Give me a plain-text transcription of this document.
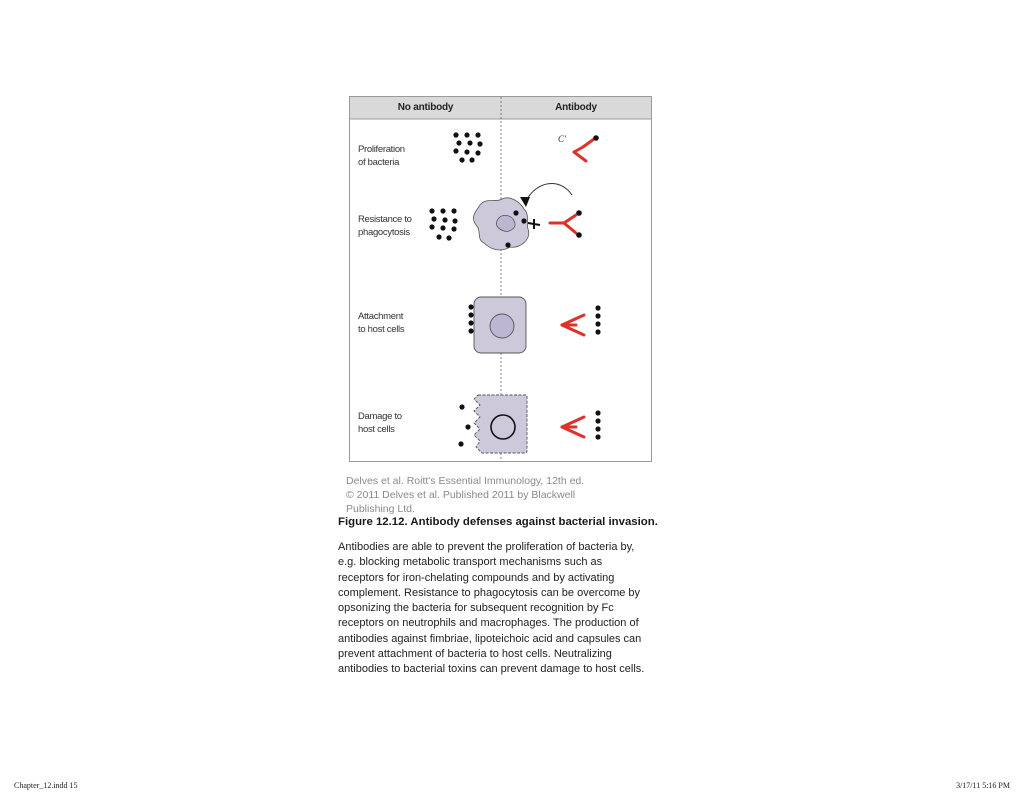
No antibody	Antibody
Proliferation
of bacteria
Resistance to
phagocytosis
Attachment
to host cells
Damage to
host cells
C′
Delves et al. Roitt's Essential Immunology, 12th ed.
© 2011 Delves et al. Published 2011 by Blackwell
Publishing Ltd.
Figure 12.12. Antibody defenses against bacterial invasion.
Antibodies are able to prevent the proliferation of bacteria by,
e.g. blocking metabolic transport mechanisms such as
receptors for iron-chelating compounds and by activating
complement. Resistance to phagocytosis can be overcome by
opsonizing the bacteria for subsequent recognition by Fc
receptors on neutrophils and macrophages. The production of
antibodies against fimbriae, lipoteichoic acid and capsules can
prevent attachment of bacteria to host cells. Neutralizing
antibodies to bacterial toxins can prevent damage to host cells.
Chapter_12.indd 15	3/17/11 5:16 PM
